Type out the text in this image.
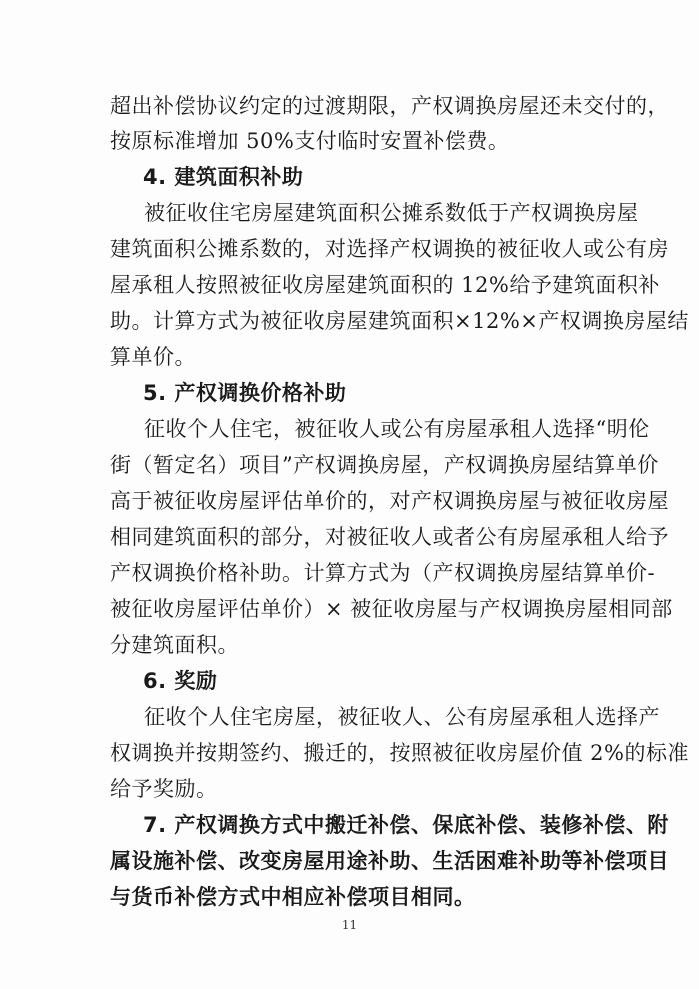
超出补偿协议约定的过渡期限，产权调换房屋还未交付的，
按原标准增加 50%支付临时安置补偿费。
4. 建筑面积补助
被征收住宅房屋建筑面积公摊系数低于产权调换房屋
建筑面积公摊系数的，对选择产权调换的被征收人或公有房
屋承租人按照被征收房屋建筑面积的 12%给予建筑面积补
助。计算方式为被征收房屋建筑面积×12%×产权调换房屋结
算单价。
5. 产权调换价格补助
征收个人住宅，被征收人或公有房屋承租人选择“明伦
街（暂定名）项目”产权调换房屋，产权调换房屋结算单价
高于被征收房屋评估单价的，对产权调换房屋与被征收房屋
相同建筑面积的部分，对被征收人或者公有房屋承租人给予
产权调换价格补助。计算方式为（产权调换房屋结算单价-
被征收房屋评估单价）× 被征收房屋与产权调换房屋相同部
分建筑面积。
6. 奖励
征收个人住宅房屋，被征收人、公有房屋承租人选择产
权调换并按期签约、搬迁的，按照被征收房屋价值 2%的标准
给予奖励。
7. 产权调换方式中搬迁补偿、保底补偿、装修补偿、附
属设施补偿、改变房屋用途补助、生活困难补助等补偿项目
与货币补偿方式中相应补偿项目相同。
11
